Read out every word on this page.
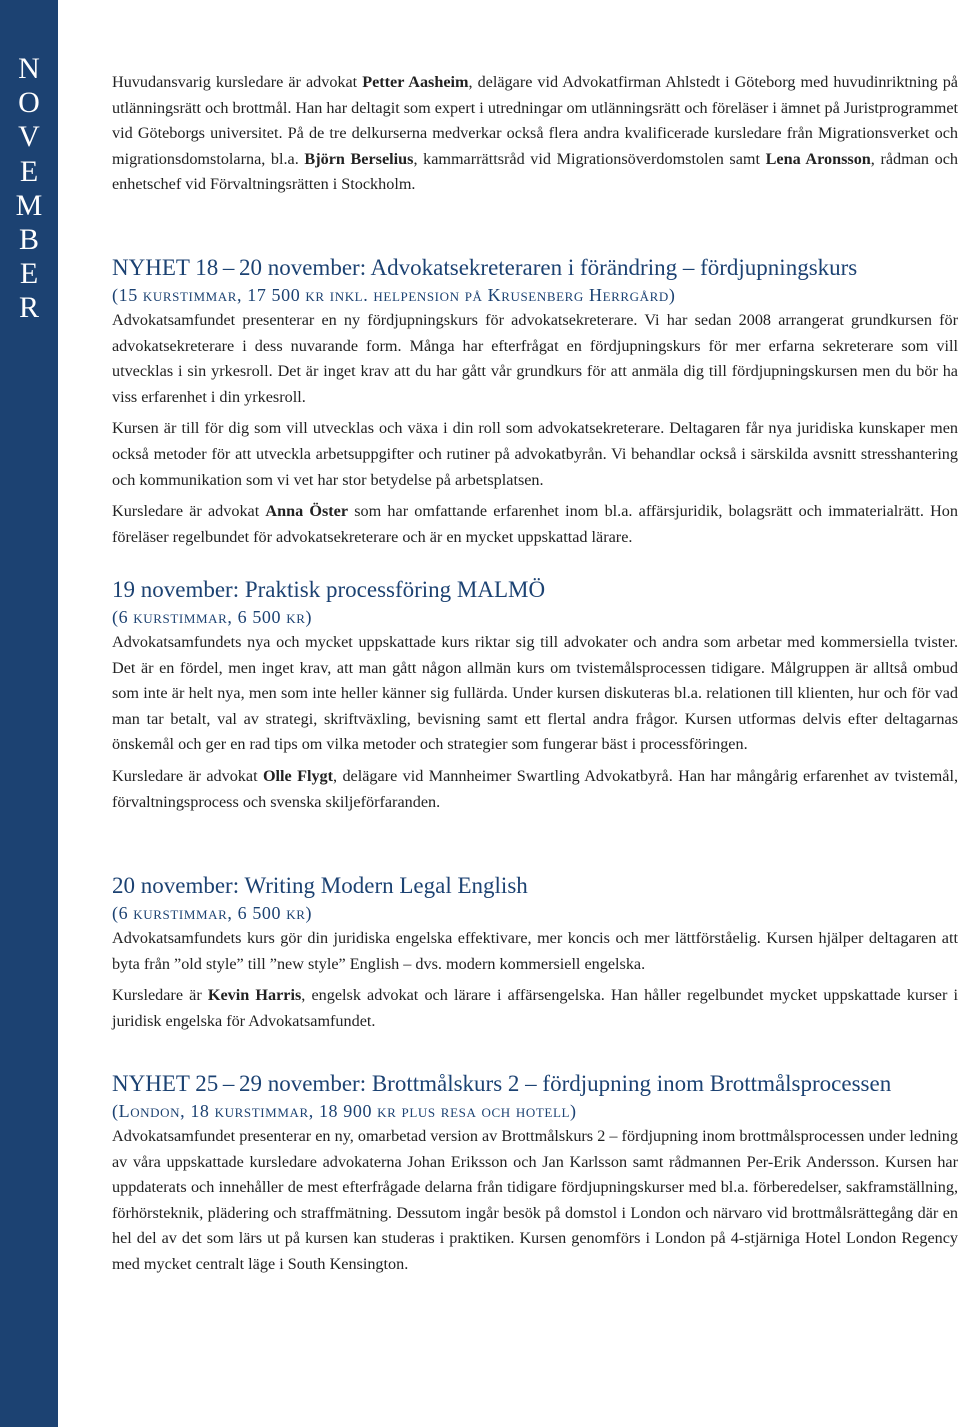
N
O
V
E
M
B
E
R

Huvudansvarig kursledare är advokat Petter Aasheim, delägare vid Advokatfirman Ahlstedt i Göteborg med huvudinriktning på utlänningsrätt och brottmål. Han har deltagit som expert i utredningar om utlänningsrätt och föreläser i ämnet på Juristprogrammet vid Göteborgs universitet. På de tre delkurserna medverkar också flera andra kvalificerade kursledare från Migrationsverket och migrationsdomstolarna, bl.a. Björn Berselius, kammarrättsråd vid Migrationsöverdomstolen samt Lena Aronsson, rådman och enhetschef vid Förvaltningsrätten i Stockholm.

NYHET 18 – 20 november: Advokatsekreteraren i förändring – fördjupningskurs
(15 kurstimmar, 17 500 kr inkl. helpension på Krusenberg Herrgård)

Advokatsamfundet presenterar en ny fördjupningskurs för advokatsekreterare. Vi har sedan 2008 arrangerat grundkursen för advokatsekreterare i dess nuvarande form. Många har efterfrågat en fördjupningskurs för mer erfarna sekreterare som vill utvecklas i sin yrkesroll. Det är inget krav att du har gått vår grundkurs för att anmäla dig till fördjupningskursen men du bör ha viss erfarenhet i din yrkesroll.

Kursen är till för dig som vill utvecklas och växa i din roll som advokatsekreterare. Deltagaren får nya juridiska kunskaper men också metoder för att utveckla arbetsuppgifter och rutiner på advokatbyrån. Vi behandlar också i särskilda avsnitt stresshantering och kommunikation som vi vet har stor betydelse på arbetsplatsen.

Kursledare är advokat Anna Öster som har omfattande erfarenhet inom bl.a. affärsjuridik, bolagsrätt och immaterialrätt. Hon föreläser regelbundet för advokatsekreterare och är en mycket uppskattad lärare.

19 november: Praktisk processföring MALMÖ
(6 kurstimmar, 6 500 kr)

Advokatsamfundets nya och mycket uppskattade kurs riktar sig till advokater och andra som arbetar med kommersiella tvister. Det är en fördel, men inget krav, att man gått någon allmän kurs om tvistemålsprocessen tidigare. Målgruppen är alltså ombud som inte är helt nya, men som inte heller känner sig fullärda. Under kursen diskuteras bl.a. relationen till klienten, hur och för vad man tar betalt, val av strategi, skriftväxling, bevisning samt ett flertal andra frågor. Kursen utformas delvis efter deltagarnas önskemål och ger en rad tips om vilka metoder och strategier som fungerar bäst i processföringen.

Kursledare är advokat Olle Flygt, delägare vid Mannheimer Swartling Advokatbyrå. Han har mångårig erfarenhet av tvistemål, förvaltningsprocess och svenska skiljeförfaranden.

20 november: Writing Modern Legal English
(6 kurstimmar, 6 500 kr)

Advokatsamfundets kurs gör din juridiska engelska effektivare, mer koncis och mer lättförståelig. Kursen hjälper deltagaren att byta från ”old style” till ”new style” English – dvs. modern kommersiell engelska.

Kursledare är Kevin Harris, engelsk advokat och lärare i affärsengelska. Han håller regelbundet mycket uppskattade kurser i juridisk engelska för Advokatsamfundet.

NYHET 25 – 29 november: Brottmålskurs 2 – fördjupning inom Brottmålsprocessen
(London, 18 kurstimmar, 18 900 kr plus resa och hotell)

Advokatsamfundet presenterar en ny, omarbetad version av Brottmålskurs 2 – fördjupning inom brottmålsprocessen under ledning av våra uppskattade kursledare advokaterna Johan Eriksson och Jan Karlsson samt rådmannen Per-Erik Andersson. Kursen har uppdaterats och innehåller de mest efterfrågade delarna från tidigare fördjupningskurser med bl.a. förberedelser, sakframställning, förhörsteknik, plädering och straffmätning. Dessutom ingår besök på domstol i London och närvaro vid brottmålsrättegång där en hel del av det som lärs ut på kursen kan studeras i praktiken. Kursen genomförs i London på 4-stjärniga Hotel London Regency med mycket centralt läge i South Kensington.
